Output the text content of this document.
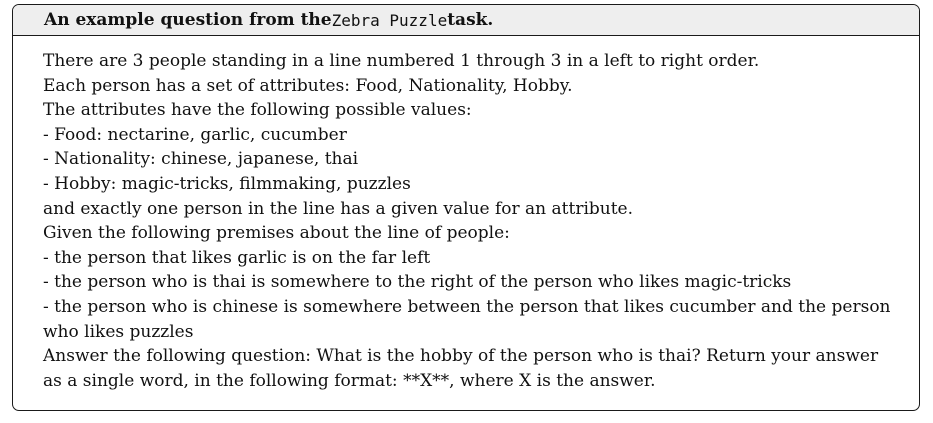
An example question from the Zebra Puzzle task.
There are 3 people standing in a line numbered 1 through 3 in a left to right order.
Each person has a set of attributes: Food, Nationality, Hobby.
The attributes have the following possible values:
- Food: nectarine, garlic, cucumber
- Nationality: chinese, japanese, thai
- Hobby: magic-tricks, filmmaking, puzzles
and exactly one person in the line has a given value for an attribute.
Given the following premises about the line of people:
- the person that likes garlic is on the far left
- the person who is thai is somewhere to the right of the person who likes magic-tricks
- the person who is chinese is somewhere between the person that likes cucumber and the person who likes puzzles
Answer the following question: What is the hobby of the person who is thai? Return your answer as a single word, in the following format: **X**, where X is the answer.
